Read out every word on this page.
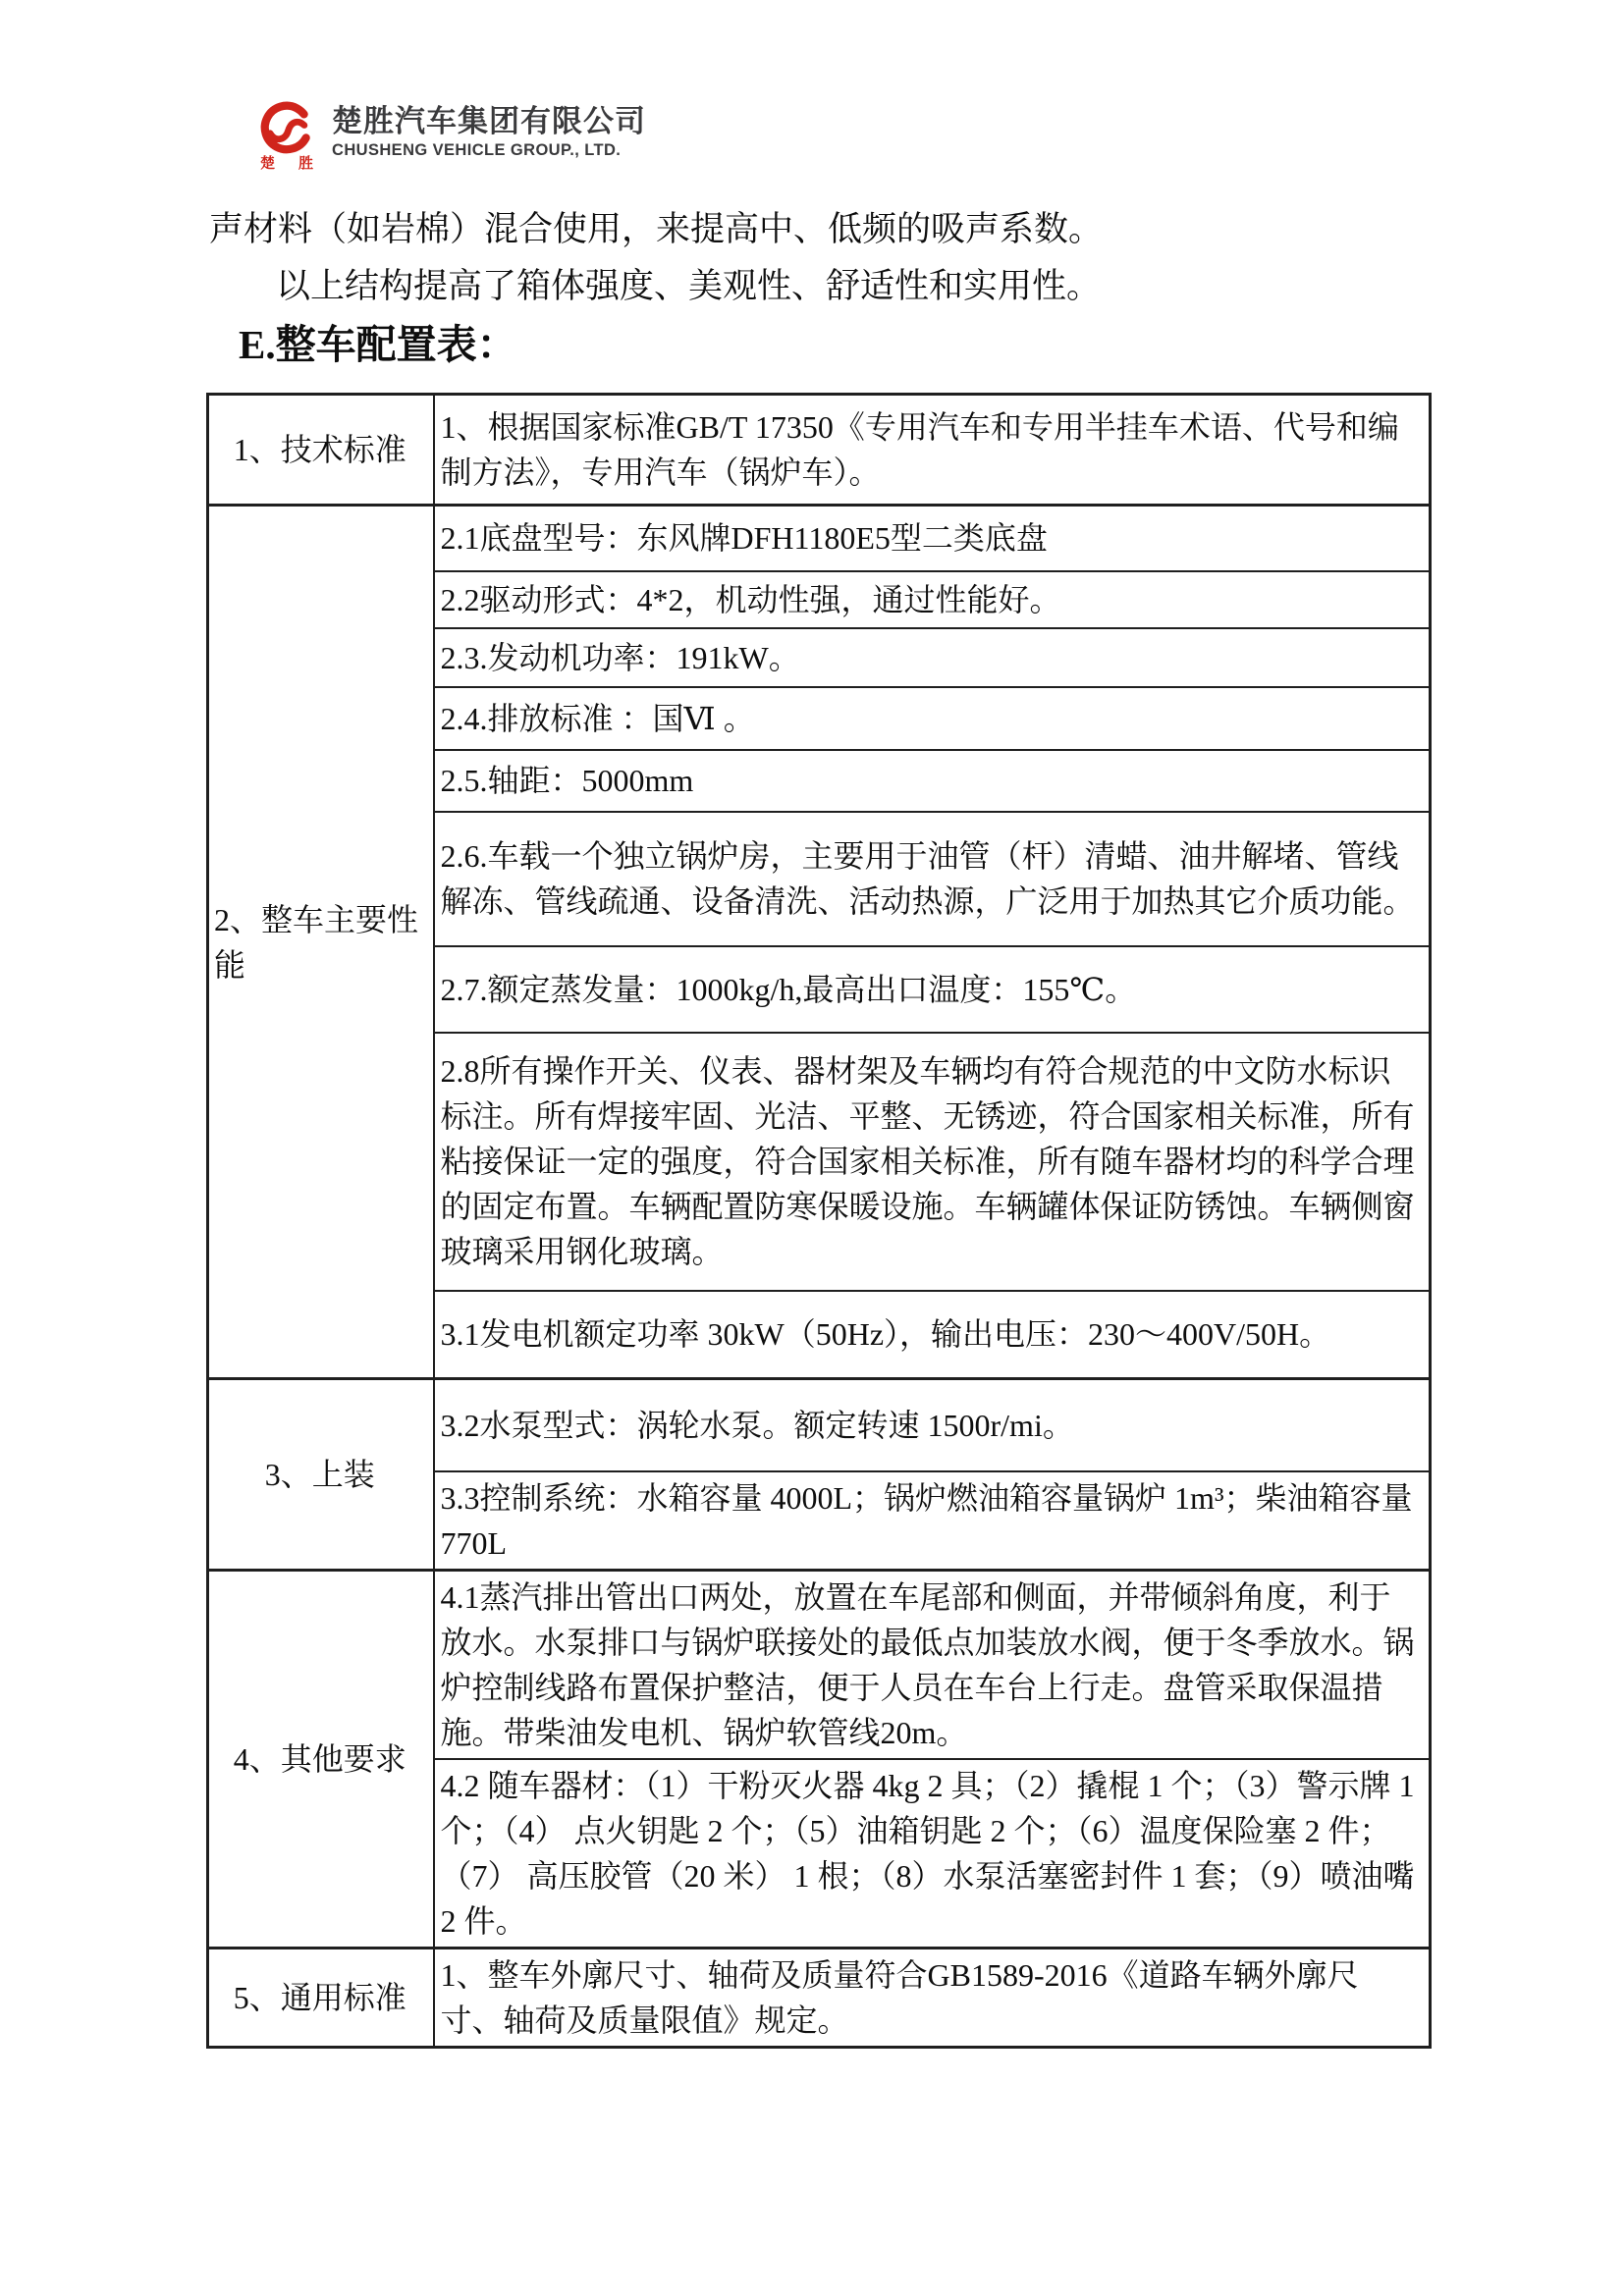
楚 胜
楚胜汽车集团有限公司
CHUSHENG VEHICLE GROUP., LTD.

声材料（如岩棉）混合使用，来提高中、低频的吸声系数。

以上结构提高了箱体强度、美观性、舒适性和实用性。

E.整车配置表：
1、技术标准	1、根据国家标准GB/T 17350《专用汽车和专用半挂车术语、代号和编制方法》，专用汽车（锅炉车）。
2、整车主要性能	2.1底盘型号：东风牌DFH1180E5型二类底盘
	2.2驱动形式：4*2，机动性强，通过性能好。
	2.3.发动机功率：191kW。
	2.4.排放标准 ：国Ⅵ 。
	2.5.轴距：5000mm
	2.6.车载一个独立锅炉房，主要用于油管（杆）清蜡、油井解堵、管线解冻、管线疏通、设备清洗、活动热源，广泛用于加热其它介质功能。
	2.7.额定蒸发量：1000kg/h,最高出口温度：155℃。
	2.8所有操作开关、仪表、器材架及车辆均有符合规范的中文防水标识标注。所有焊接牢固、光洁、平整、无锈迹，符合国家相关标准，所有粘接保证一定的强度，符合国家相关标准，所有随车器材均的科学合理的固定布置。车辆配置防寒保暖设施。车辆罐体保证防锈蚀。车辆侧窗玻璃采用钢化玻璃。
	3.1发电机额定功率 30kW（50Hz），输出电压：230～400V/50H。
3、上装	3.2水泵型式：涡轮水泵。额定转速 1500r/mi。
	3.3控制系统：水箱容量 4000L；锅炉燃油箱容量锅炉 1m³；柴油箱容量 770L
4、其他要求	4.1蒸汽排出管出口两处，放置在车尾部和侧面，并带倾斜角度，利于放水。水泵排口与锅炉联接处的最低点加装放水阀，便于冬季放水。锅炉控制线路布置保护整洁，便于人员在车台上行走。盘管采取保温措施。带柴油发电机、锅炉软管线20m。
	4.2 随车器材：（1）干粉灭火器 4kg 2 具；（2）撬棍 1 个；（3）警示牌 1 个；（4） 点火钥匙 2 个；（5）油箱钥匙 2 个；（6）温度保险塞 2 件；（7） 高压胶管（20 米） 1 根；（8）水泵活塞密封件 1 套；（9）喷油嘴 2 件。
5、通用标准	1、整车外廓尺寸、轴荷及质量符合GB1589-2016《道路车辆外廓尺寸、轴荷及质量限值》规定。
